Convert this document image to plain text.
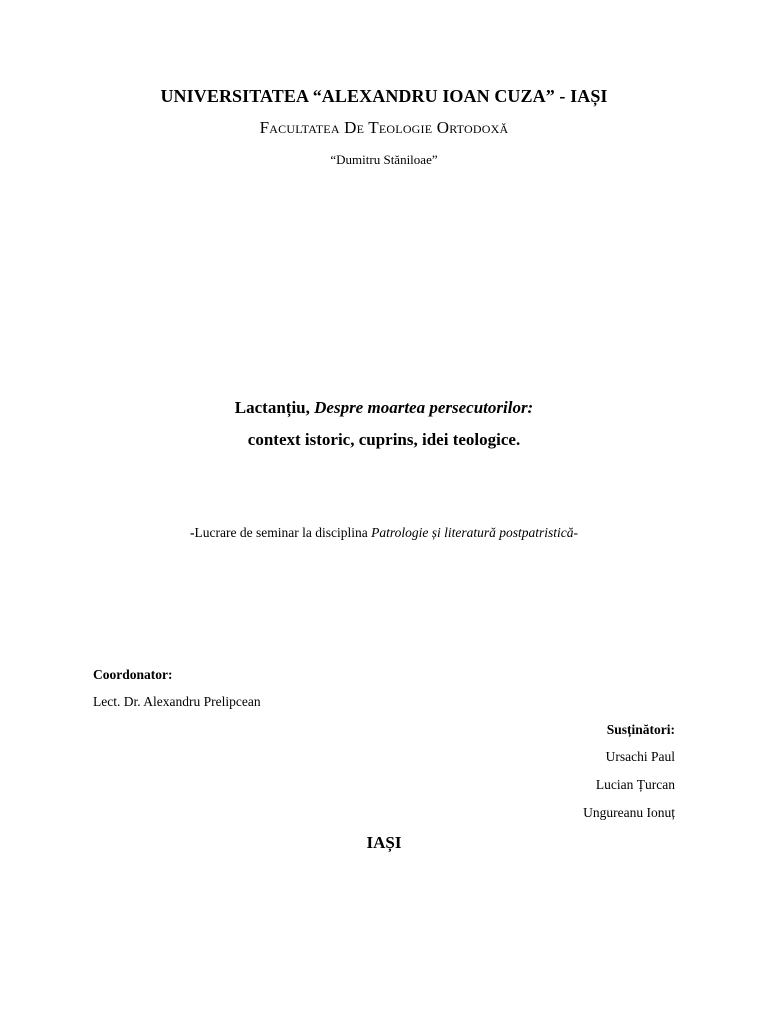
UNIVERSITATEA “ALEXANDRU IOAN CUZA” - IAȘI
Facultatea De Teologie Ortodoxă
“Dumitru Stăniloae”
Lactanțiu, Despre moartea persecutorilor:
context istoric, cuprins, idei teologice.
-Lucrare de seminar la disciplina Patrologie și literatură postpatristică-
Coordonator:
Lect. Dr. Alexandru Prelipcean
Susținători:
Ursachi Paul
Lucian Țurcan
Ungureanu Ionuț
IAȘI
